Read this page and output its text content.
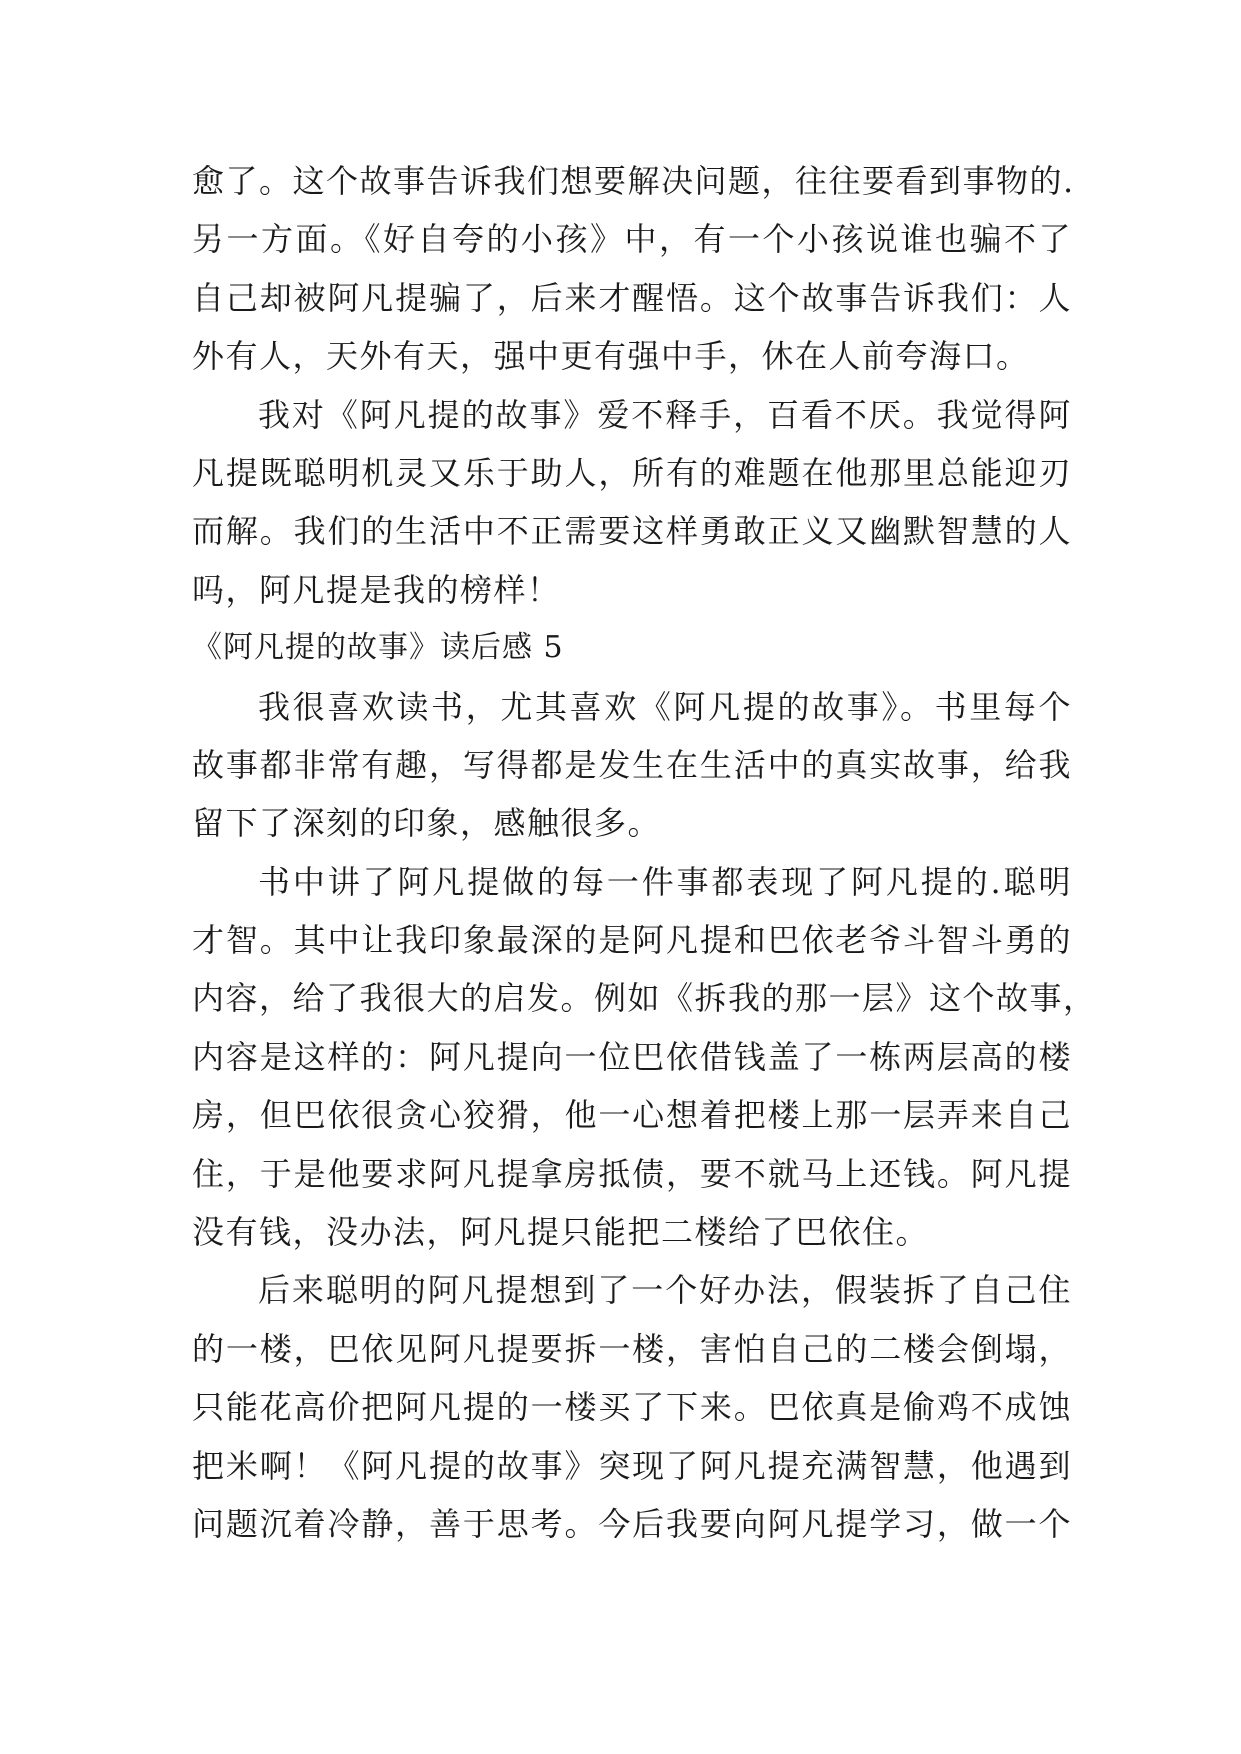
愈了。这个故事告诉我们想要解决问题，往往要看到事物的.
另一方面。《好自夸的小孩》中，有一个小孩说谁也骗不了
自己却被阿凡提骗了，后来才醒悟。这个故事告诉我们：人
外有人，天外有天，强中更有强中手，休在人前夸海口。
我对《阿凡提的故事》爱不释手，百看不厌。我觉得阿
凡提既聪明机灵又乐于助人，所有的难题在他那里总能迎刃
而解。我们的生活中不正需要这样勇敢正义又幽默智慧的人
吗，阿凡提是我的榜样！
《阿凡提的故事》读后感 5
我很喜欢读书，尤其喜欢《阿凡提的故事》。书里每个
故事都非常有趣，写得都是发生在生活中的真实故事，给我
留下了深刻的印象，感触很多。
书中讲了阿凡提做的每一件事都表现了阿凡提的.聪明
才智。其中让我印象最深的是阿凡提和巴依老爷斗智斗勇的
内容，给了我很大的启发。例如《拆我的那一层》这个故事，
内容是这样的：阿凡提向一位巴依借钱盖了一栋两层高的楼
房，但巴依很贪心狡猾，他一心想着把楼上那一层弄来自己
住，于是他要求阿凡提拿房抵债，要不就马上还钱。阿凡提
没有钱，没办法，阿凡提只能把二楼给了巴依住。
后来聪明的阿凡提想到了一个好办法，假装拆了自己住
的一楼，巴依见阿凡提要拆一楼，害怕自己的二楼会倒塌，
只能花高价把阿凡提的一楼买了下来。巴依真是偷鸡不成蚀
把米啊！《阿凡提的故事》突现了阿凡提充满智慧，他遇到
问题沉着冷静，善于思考。今后我要向阿凡提学习，做一个
